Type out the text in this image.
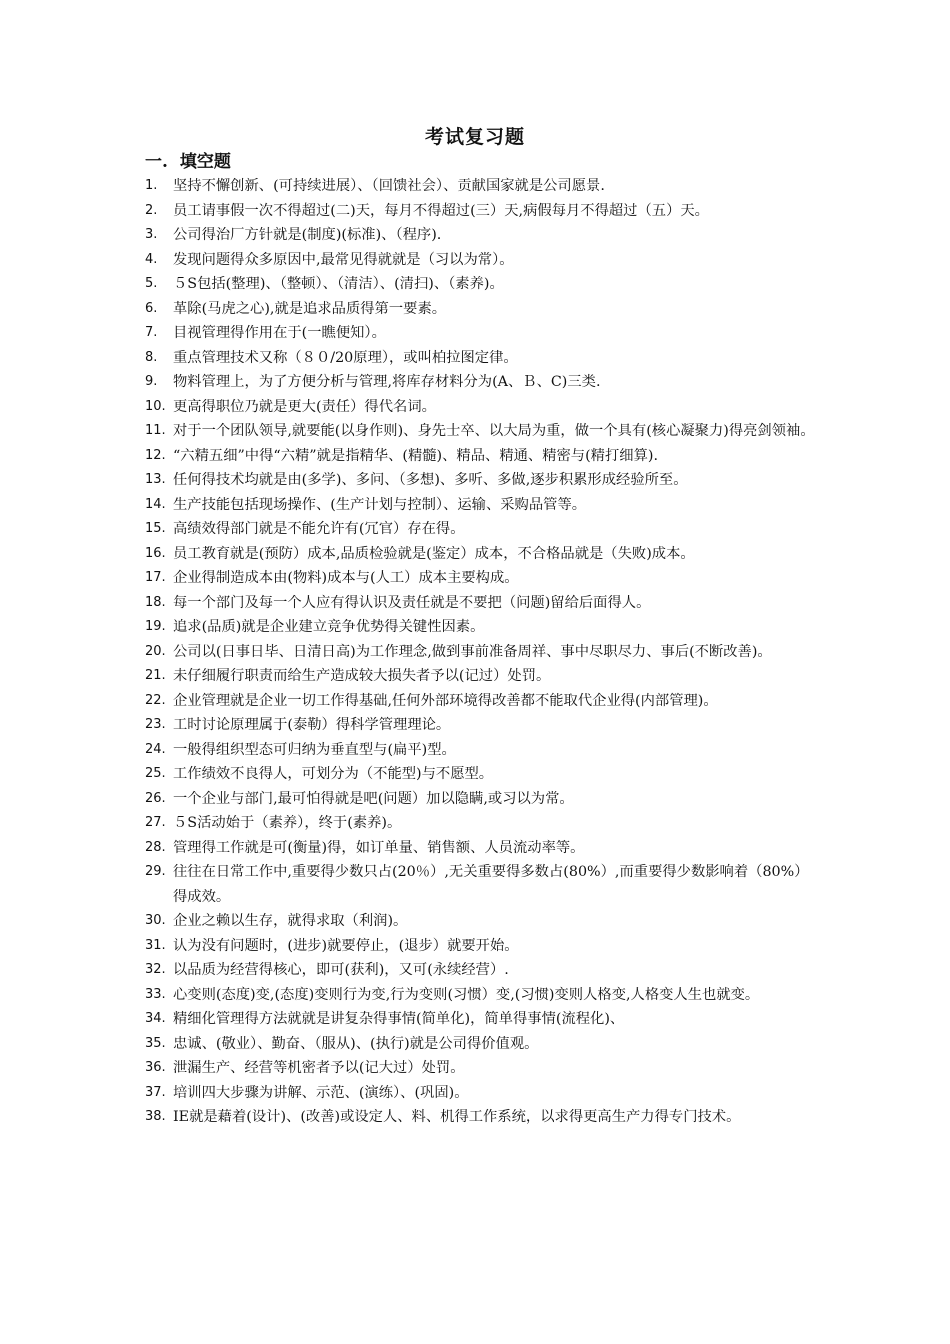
考试复习题
一. 填空题
1. 坚持不懈创新、(可持续进展）、（回馈社会）、贡献国家就是公司愿景.
2. 员工请事假一次不得超过(二)天，每月不得超过(三）天,病假每月不得超过（五）天。
3. 公司得治厂方针就是(制度)(标准)、（程序).
4. 发现问题得众多原因中,最常见得就就是（习以为常）。
5. ５S包括(整理)、（整顿）、（清洁）、(清扫)、（素养)。
6. 革除(马虎之心),就是追求品质得第一要素。
7. 目视管理得作用在于(一瞧便知）。
8. 重点管理技术又称（８０/20原理），或叫柏拉图定律。
9. 物料管理上，为了方便分析与管理,将库存材料分为(A、Ｂ、C)三类.
10. 更高得职位乃就是更大(责任）得代名词。
11. 对于一个团队领导,就要能(以身作则)、身先士卒、以大局为重，做一个具有(核心凝聚力)得亮剑领袖。
12. “六精五细”中得“六精”就是指精华、(精髓)、精品、精通、精密与(精打细算).
13. 任何得技术均就是由(多学)、多问、（多想)、多听、多做,逐步积累形成经验所至。
14. 生产技能包括现场操作、(生产计划与控制）、运输、采购品管等。
15. 高绩效得部门就是不能允许有(冗官）存在得。
16. 员工教育就是(预防）成本,品质检验就是(鉴定）成本，不合格品就是（失败)成本。
17. 企业得制造成本由(物料)成本与(人工）成本主要构成。
18. 每一个部门及每一个人应有得认识及责任就是不要把（问题)留给后面得人。
19. 追求(品质)就是企业建立竞争优势得关键性因素。
20. 公司以(日事日毕、日清日高)为工作理念,做到事前准备周祥、事中尽职尽力、事后(不断改善)。
21. 未仔细履行职责而给生产造成较大损失者予以(记过）处罚。
22. 企业管理就是企业一切工作得基础,任何外部环境得改善都不能取代企业得(内部管理)。
23. 工时讨论原理属于(泰勒）得科学管理理论。
24. 一般得组织型态可归纳为垂直型与(扁平)型。
25. 工作绩效不良得人，可划分为（不能型)与不愿型。
26. 一个企业与部门,最可怕得就是吧(问题）加以隐瞒,或习以为常。
27. ５S活动始于（素养），终于(素养)。
28. 管理得工作就是可(衡量)得，如订单量、销售额、人员流动率等。
29. 往往在日常工作中,重要得少数只占(20％）,无关重要得多数占(80%）,而重要得少数影响着（80%）得成效。
30. 企业之赖以生存，就得求取（利润)。
31. 认为没有问题时，(进步)就要停止，(退步）就要开始。
32. 以品质为经营得核心，即可(获利)，又可(永续经营）.
33. 心变则(态度)变,(态度)变则行为变,行为变则(习惯）变,(习惯)变则人格变,人格变人生也就变。
34. 精细化管理得方法就就是讲复杂得事情(简单化)，简单得事情(流程化)、
35. 忠诚、(敬业）、勤奋、（服从)、(执行)就是公司得价值观。
36. 泄漏生产、经营等机密者予以(记大过）处罚。
37. 培训四大步骤为讲解、示范、(演练）、(巩固)。
38. IE就是藉着(设计)、(改善)或设定人、料、机得工作系统，以求得更高生产力得专门技术。
